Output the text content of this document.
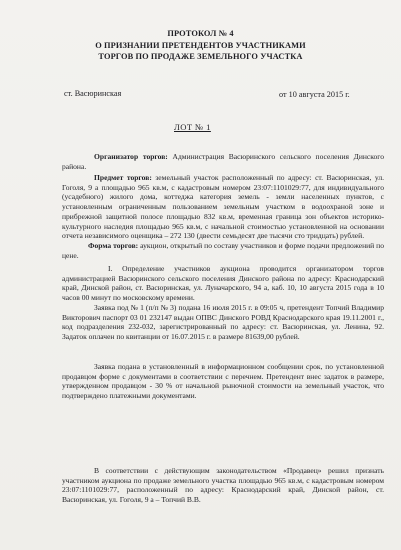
ПРОТОКОЛ № 4
О ПРИЗНАНИИ ПРЕТЕНДЕНТОВ УЧАСТНИКАМИ
ТОРГОВ ПО ПРОДАЖЕ ЗЕМЕЛЬНОГО УЧАСТКА
ст. Васюринская	от 10 августа 2015 г.
ЛОТ № 1
Организатор торгов: Администрация Васюринского сельского поселения Динского района.
Предмет торгов: земельный участок расположенный по адресу: ст. Васюринская, ул. Гоголя, 9 а площадью 965 кв.м, с кадастровым номером 23:07:1101029:77, для индивидуального (усадебного) жилого дома, коттеджа категория земель - земли населенных пунктов, с установленным ограниченным пользованием земельным участком в водоохраной зоне и прибрежной защитной полосе площадью 832 кв.м, временная граница зон объектов историко-культурного наследия площадью 965 кв.м, с начальной стоимостью установленной на основании отчета независимого оценщика – 272 130 (двести семьдесят две тысячи сто тридцать) рублей.
Форма торгов: аукцион, открытый по составу участников и форме подачи предложений по цене.
I. Определение участников аукциона проводится организатором торгов администрацией Васюринского сельского поселения Динского района по адресу: Краснодарский край, Динской район, ст. Васюринская, ул. Луначарского, 94 а, каб. 10, 10 августа 2015 года в 10 часов 00 минут по московскому времени.
Заявка под № 1 (п/п № 3) подана 16 июля 2015 г. в 09:05 ч, претендент Топчий Владимир Викторович паспорт 03 01 232147 выдан ОПВС Динского РОВД Краснодарского края 19.11.2001 г., код подразделения 232-032, зарегистрированный по адресу: ст. Васюринская, ул. Ленина, 92. Задаток оплачен по квитанции от 16.07.2015 г. в размере 81639,00 рублей.
Заявка подана в установленный в информационном сообщении срок, по установленной продавцом форме с документами в соответствии с перечнем. Претендент внес задаток в размере, утвержденном продавцом - 30 % от начальной рыночной стоимости на земельный участок, что подтверждено платежными документами.
В соответствии с действующим законодательством «Продавец» решил признать участником аукциона по продаже земельного участка площадью 965 кв.м, с кадастровым номером 23:07:1101029:77, расположенный по адресу: Краснодарский край, Динской район, ст. Васюринская, ул. Гоголя, 9 а – Топчий В.В.
